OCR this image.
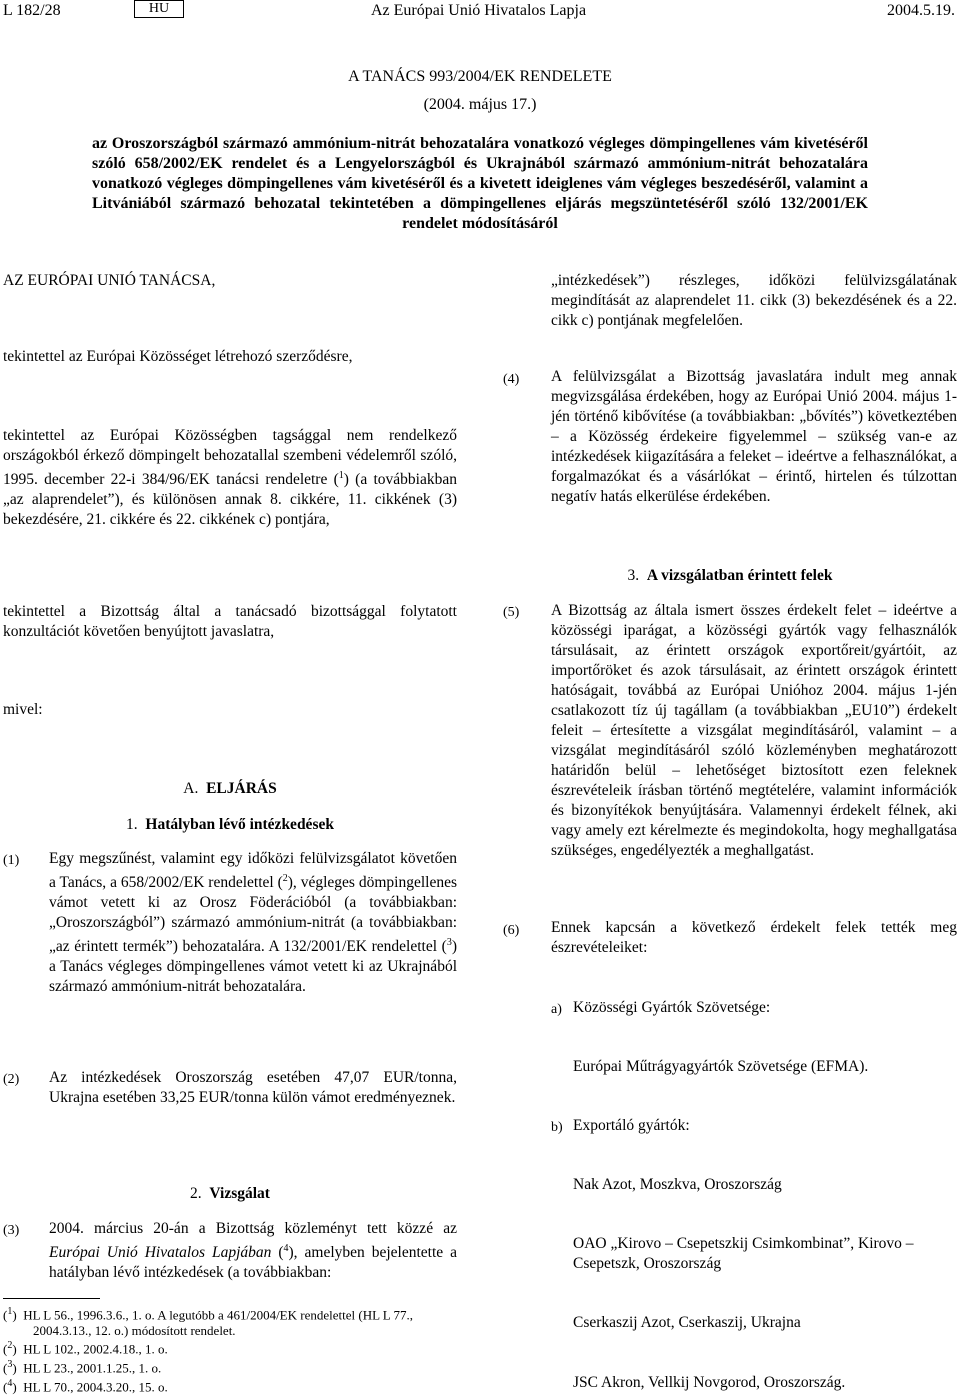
L 182/28	HU	Az Európai Unió Hivatalos Lapja	2004.5.19.
A TANÁCS 993/2004/EK RENDELETE
(2004. május 17.)
az Oroszországból származó ammónium-nitrát behozatalára vonatkozó végleges dömpingellenes vám kivetéséről szóló 658/2002/EK rendelet és a Lengyelországból és Ukrajnából származó ammónium-nitrát behozatalára vonatkozó végleges dömpingellenes vám kivetéséről és a kivetett ideiglenes vám végleges beszedéséről, valamint a Litvániából származó behozatal tekintetében a dömpingellenes eljárás megszüntetéséről szóló 132/2001/EK rendelet módosításáról
AZ EURÓPAI UNIÓ TANÁCSA,
tekintettel az Európai Közösséget létrehozó szerződésre,
tekintettel az Európai Közösségben tagsággal nem rendelkező országokból érkező dömpingelt behozatallal szembeni védelemről szóló, 1995. december 22-i 384/96/EK tanácsi rendeletre ($^1$) (a továbbiakban „az alaprendelet”), és különösen annak 8. cikkére, 11. cikkének (3) bekezdésére, 21. cikkére és 22. cikkének c) pontjára,
tekintettel a Bizottság által a tanácsadó bizottsággal folytatott konzultációt követően benyújtott javaslatra,
mivel:
A. ELJÁRÁS
1. Hatályban lévő intézkedések
(1) Egy megszűnést, valamint egy időközi felülvizsgálatot követően a Tanács, a 658/2002/EK rendelettel ($^2$), végleges dömpingellenes vámot vetett ki az Orosz Föderációból (a továbbiakban: „Oroszországból”) származó ammónium-nitrát (a továbbiakban: „az érintett termék”) behozatalára. A 132/2001/EK rendelettel ($^3$) a Tanács végleges dömpingellenes vámot vetett ki az Ukrajnából származó ammónium-nitrát behozatalára.
(2) Az intézkedések Oroszország esetében 47,07 EUR/tonna, Ukrajna esetében 33,25 EUR/tonna külön vámot eredményeznek.
2. Vizsgálat
(3) 2004. március 20-án a Bizottság közleményt tett közzé az Európai Unió Hivatalos Lapjában ($^4$), amelyben bejelentette a hatályban lévő intézkedések (a továbbiakban:
($^1$)  HL L 56., 1996.3.6., 1. o. A legutóbb a 461/2004/EK rendelettel (HL L 77., 2004.3.13., 12. o.) módosított rendelet.
($^2$)  HL L 102., 2002.4.18., 1. o.
($^3$)  HL L 23., 2001.1.25., 1. o.
($^4$)  HL L 70., 2004.3.20., 15. o.
„intézkedések”) részleges, időközi felülvizsgálatának megindítását az alaprendelet 11. cikk (3) bekezdésének és a 22. cikk c) pontjának megfelelően.
(4) A felülvizsgálat a Bizottság javaslatára indult meg annak megvizsgálása érdekében, hogy az Európai Unió 2004. május 1-jén történő kibővítése (a továbbiakban: „bővítés”) következtében – a Közösség érdekeire figyelemmel – szükség van-e az intézkedések kiigazítására a feleket – ideértve a felhasználókat, a forgalmazókat és a vásárlókat – érintő, hirtelen és túlzottan negatív hatás elkerülése érdekében.
3. A vizsgálatban érintett felek
(5) A Bizottság az általa ismert összes érdekelt felet – ideértve a közösségi iparágat, a közösségi gyártók vagy felhasználók társulásait, az érintett országok exportőreit/gyártóit, az importőröket és azok társulásait, az érintett országok érintett hatóságait, továbbá az Európai Unióhoz 2004. május 1-jén csatlakozott tíz új tagállam (a továbbiakban „EU10”) érdekelt feleit – értesítette a vizsgálat megindításáról, valamint – a vizsgálat megindításáról szóló közleményben meghatározott határidőn belül – lehetőséget biztosított ezen feleknek észrevételeik írásban történő megtételére, valamint információk és bizonyítékok benyújtására. Valamennyi érdekelt félnek, aki vagy amely ezt kérelmezte és megindokolta, hogy meghallgatása szükséges, engedélyezték a meghallgatást.
(6) Ennek kapcsán a következő érdekelt felek tették meg észrevételeiket:
a) Közösségi Gyártók Szövetsége:
Európai Műtrágyagyártók Szövetsége (EFMA).
b) Exportáló gyártók:
Nak Azot, Moszkva, Oroszország
OAO „Kirovo – Csepetszkij Csimkombinat”, Kirovo – Csepetszk, Oroszország
Cserkaszij Azot, Cserkaszij, Ukrajna
JSC Akron, Vellkij Novgorod, Oroszország.
